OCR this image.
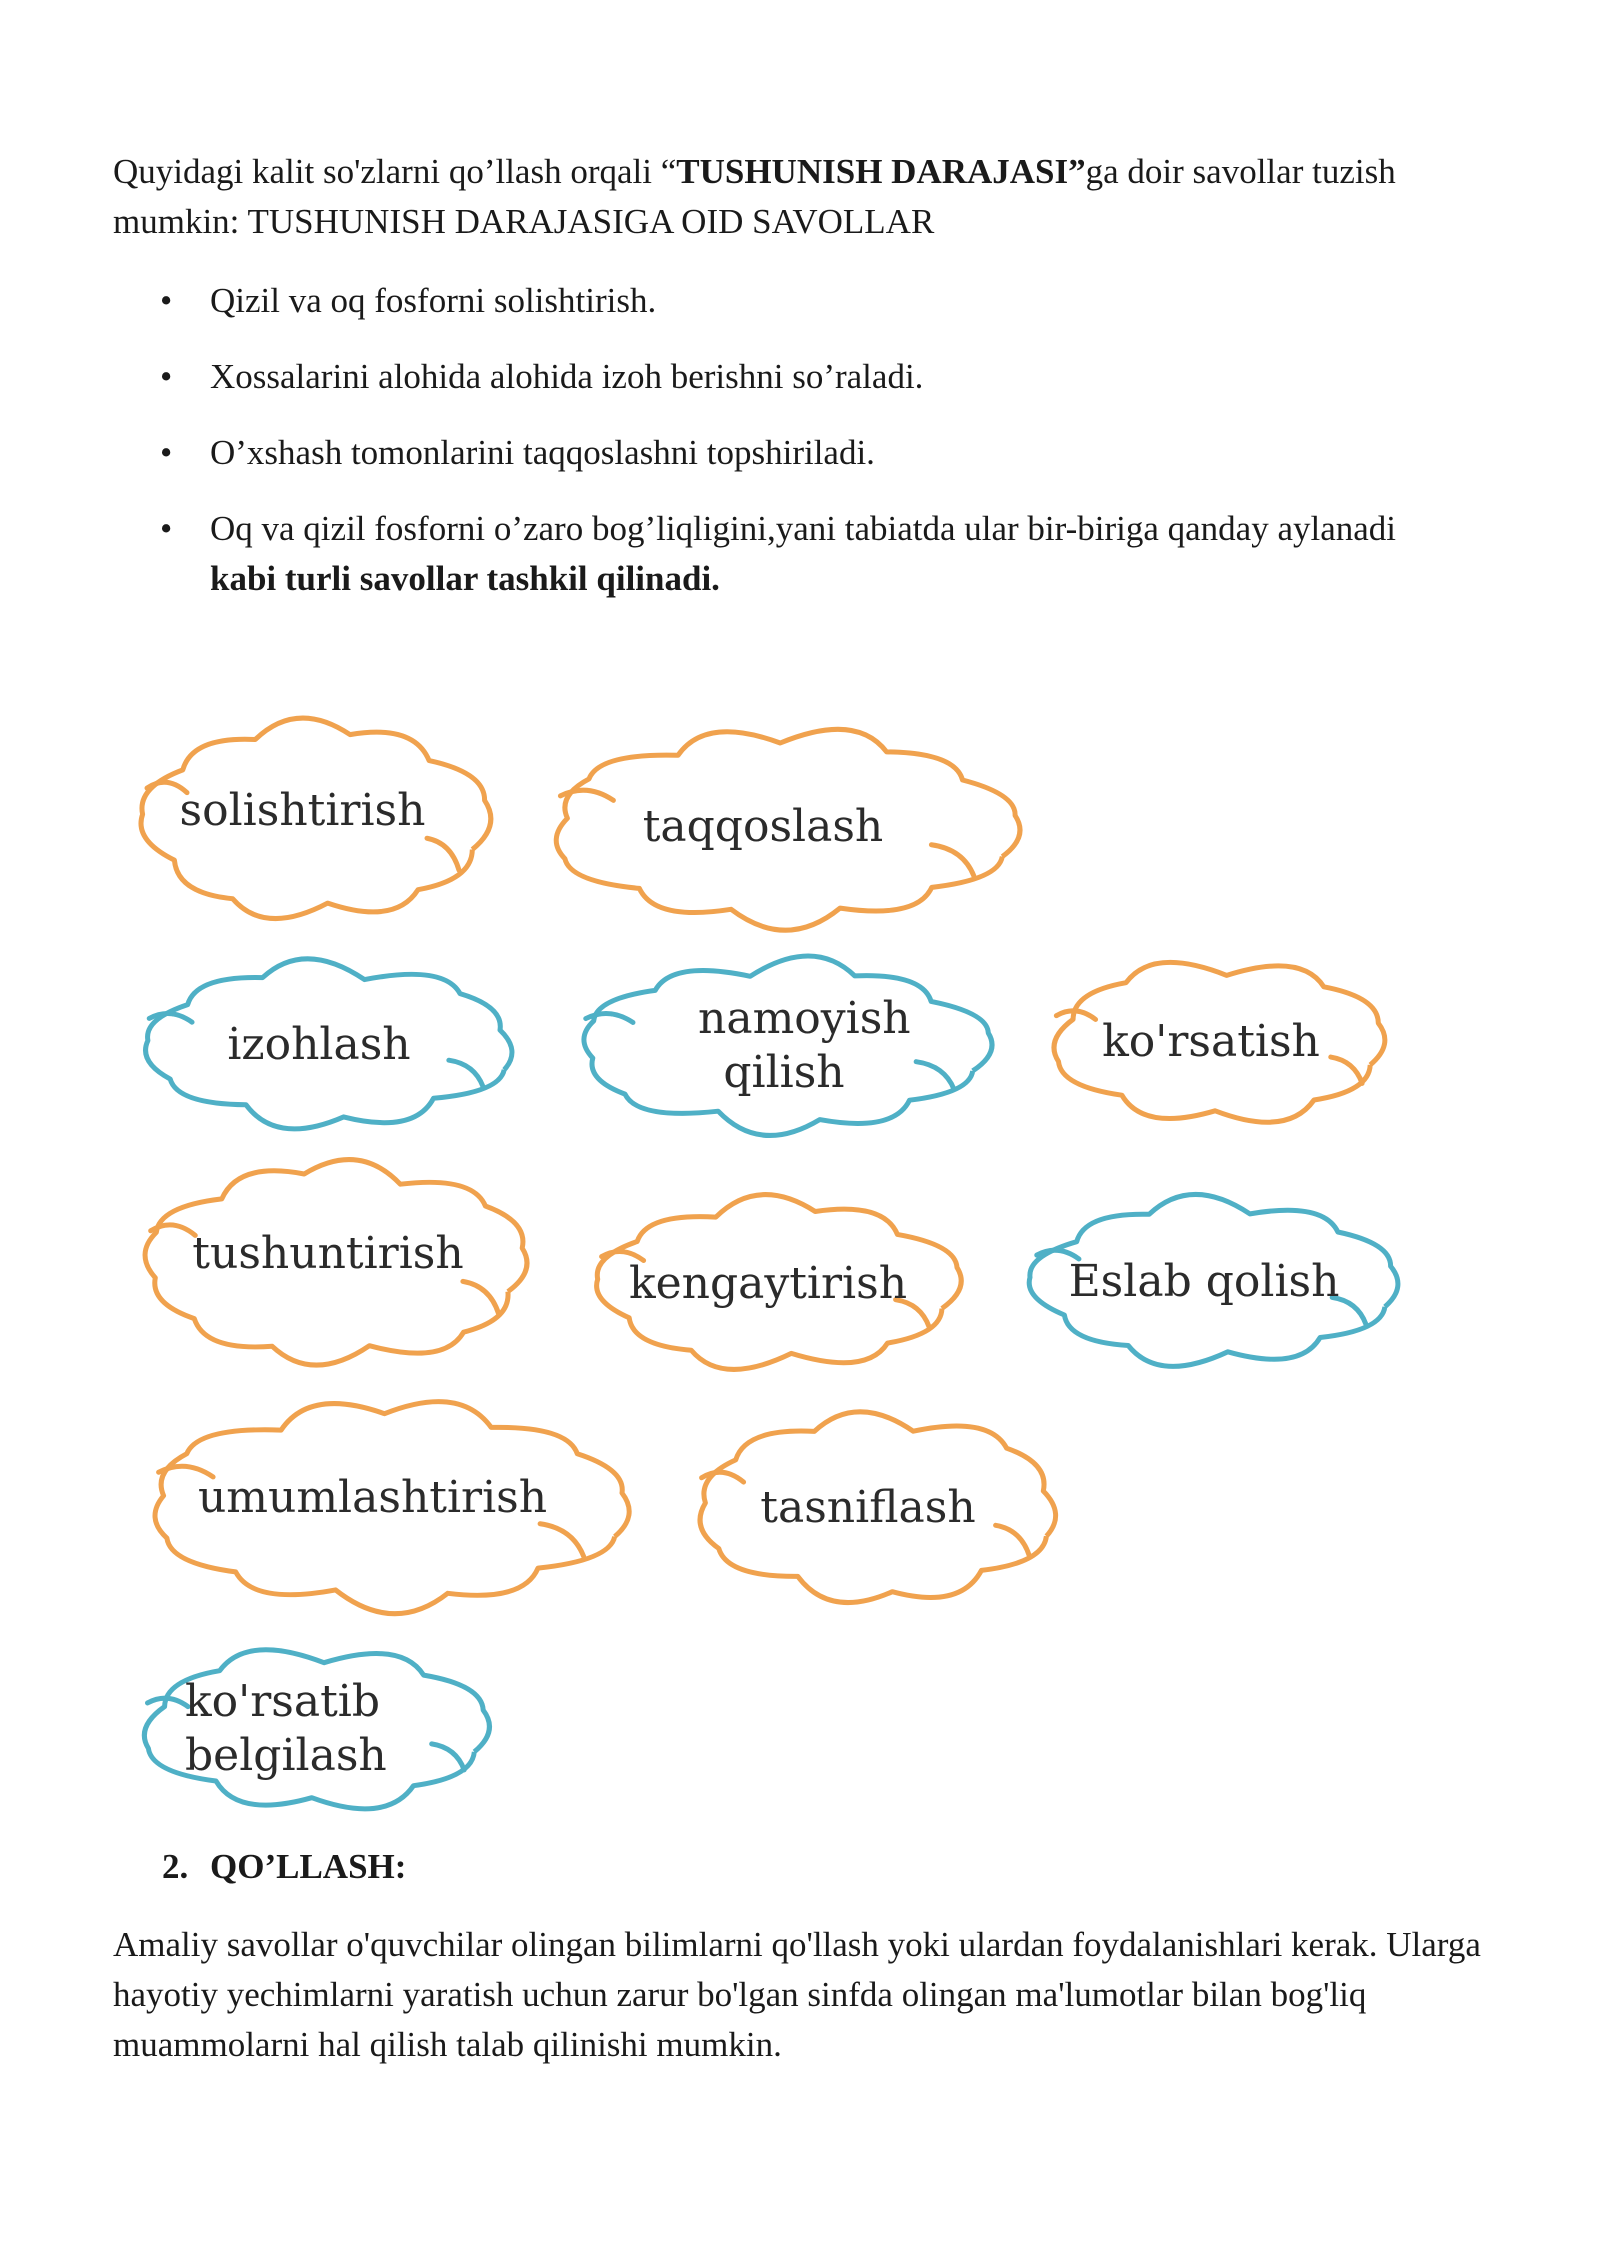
Quyidagi kalit so'zlarni qo’llash orqali “TUSHUNISH DARAJASI”ga doir savollar tuzish mumkin: TUSHUNISH DARAJASIGA OID SAVOLLAR

• Qizil va oq fosforni solishtirish.
• Xossalarini alohida alohida izoh berishni so’raladi.
• O’xshash tomonlarini taqqoslashni topshiriladi.
• Oq va qizil fosforni o’zaro bog’liqligini,yani tabiatda ular bir-biriga qanday aylanadi kabi turli savollar tashkil qilinadi.
solishtirish	taqqoslash
izohlash
namoyish qilish
ko'rsatish
tushuntirish
kengaytirish	Eslab qolish
umumlashtirish	tasniflash
ko'rsatib belgilash

2. QO’LLASH:

Amaliy savollar o'quvchilar olingan bilimlarni qo'llash yoki ulardan foydalanishlari kerak. Ularga hayotiy yechimlarni yaratish uchun zarur bo'lgan sinfda olingan ma'lumotlar bilan bog'liq muammolarni hal qilish talab qilinishi mumkin.
